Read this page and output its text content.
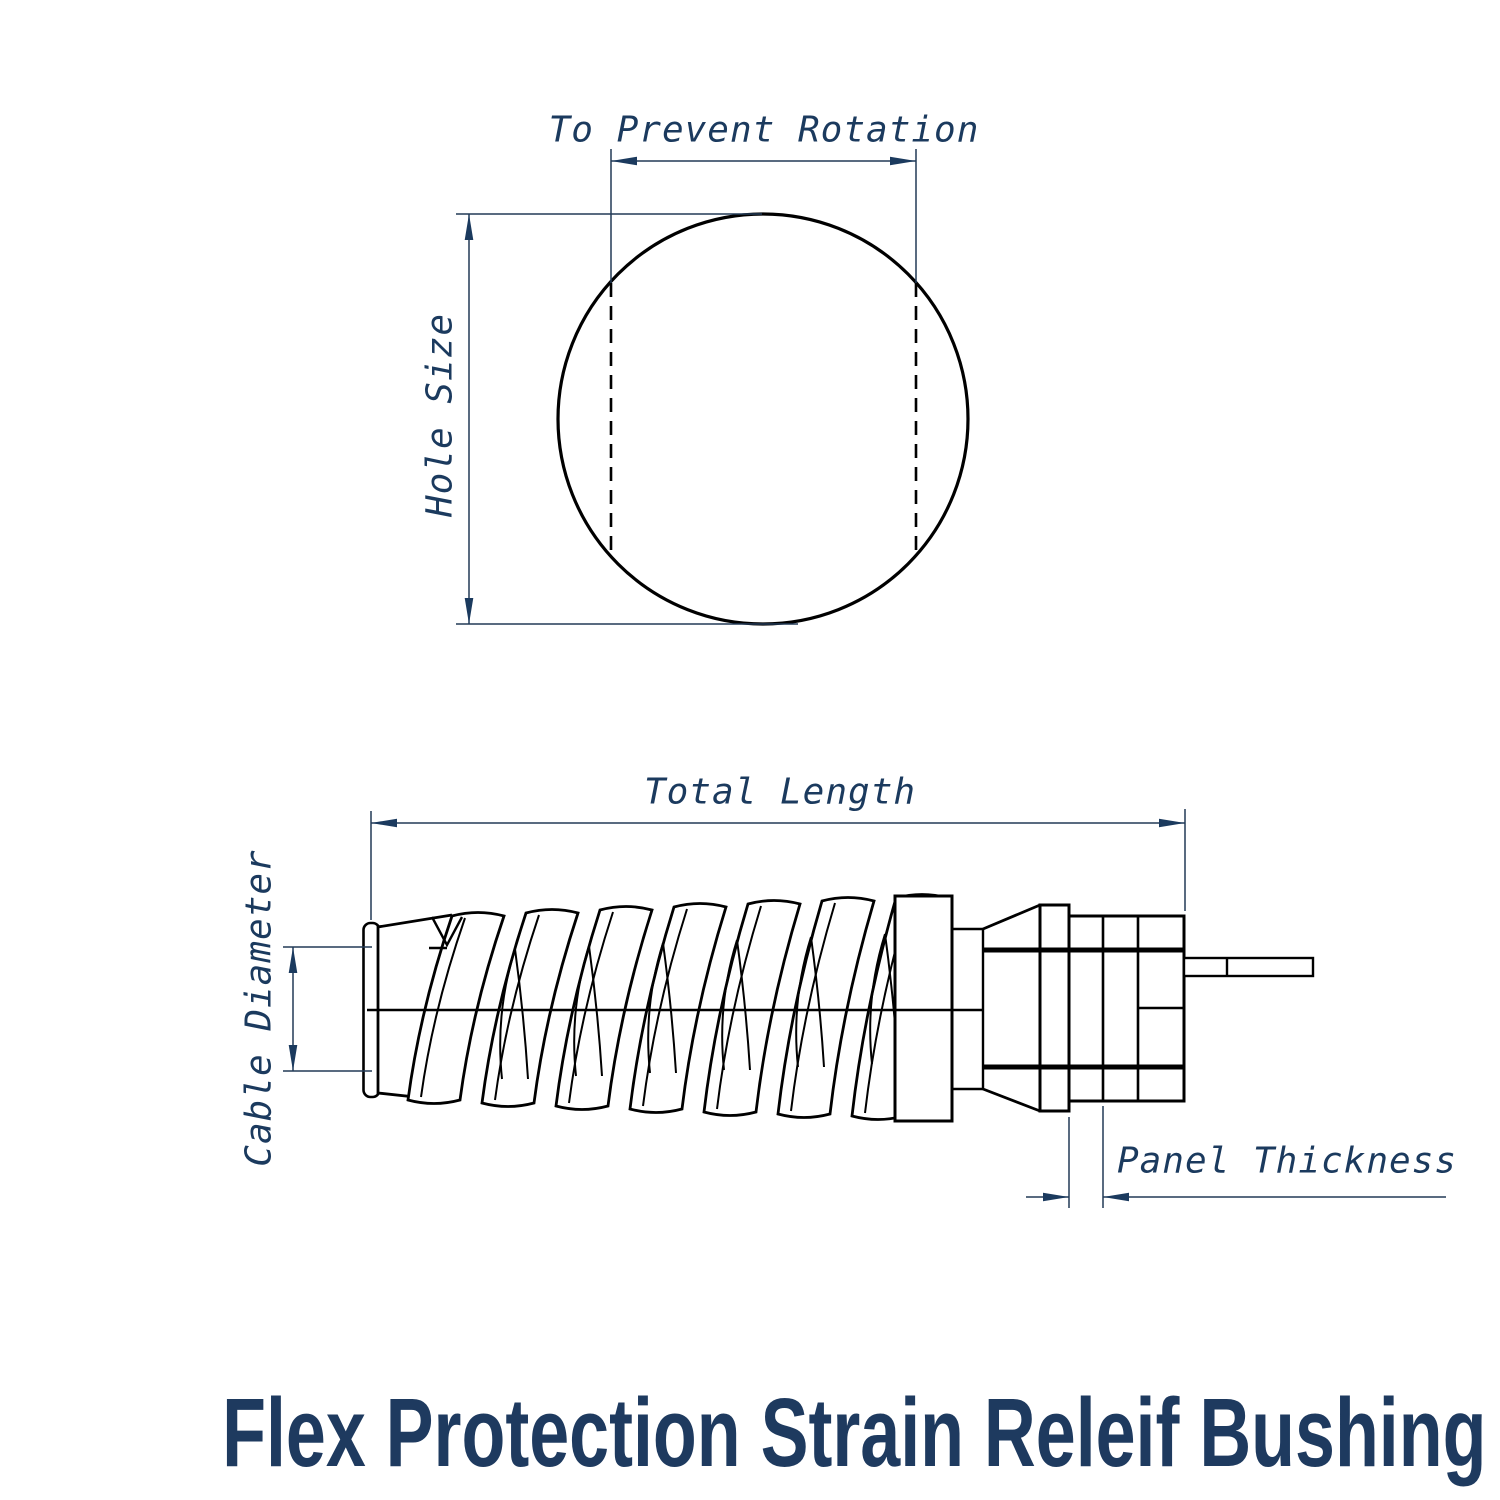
To Prevent Rotation
Hole Size
Total Length
Cable Diameter	Panel Thickness
Flex Protection Strain Releif Bushing
